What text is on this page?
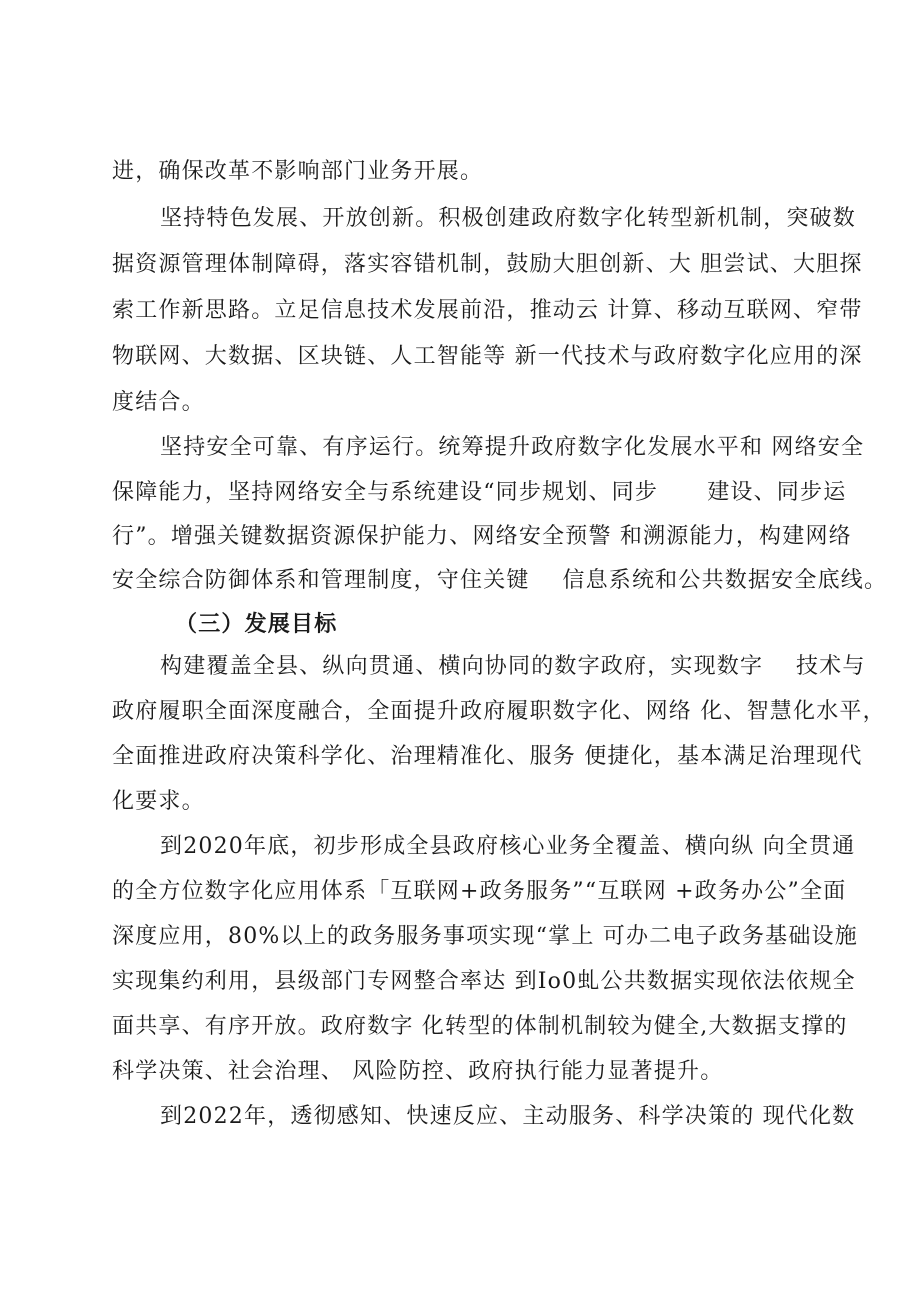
进，确保改革不影响部门业务开展。
坚持特色发展、开放创新。积极创建政府数字化转型新机制，突破数
据资源管理体制障碍，落实容错机制，鼓励大胆创新、大 胆尝试、大胆探
索工作新思路。立足信息技术发展前沿，推动云 计算、移动互联网、窄带
物联网、大数据、区块链、人工智能等 新一代技术与政府数字化应用的深
度结合。
坚持安全可靠、有序运行。统筹提升政府数字化发展水平和 网络安全
保障能力，坚持网络安全与系统建设“同步规划、同步      建设、同步运
行”。增强关键数据资源保护能力、网络安全预警 和溯源能力，构建网络
安全综合防御体系和管理制度，守住关键    信息系统和公共数据安全底线。
（三）发展目标
构建覆盖全县、纵向贯通、横向协同的数字政府，实现数字    技术与
政府履职全面深度融合，全面提升政府履职数字化、网络 化、智慧化水平，
全面推进政府决策科学化、治理精准化、服务 便捷化，基本满足治理现代
化要求。
到2020年底，初步形成全县政府核心业务全覆盖、横向纵 向全贯通
的全方位数字化应用体系「互联网+政务服务”“互联网 +政务办公”全面
深度应用，80%以上的政务服务事项实现“掌上 可办二电子政务基础设施
实现集约利用，县级部门专网整合率达 到Io0虬公共数据实现依法依规全
面共享、有序开放。政府数字 化转型的体制机制较为健全,大数据支撑的
科学决策、社会治理、 风险防控、政府执行能力显著提升。
到2022年，透彻感知、快速反应、主动服务、科学决策的 现代化数
